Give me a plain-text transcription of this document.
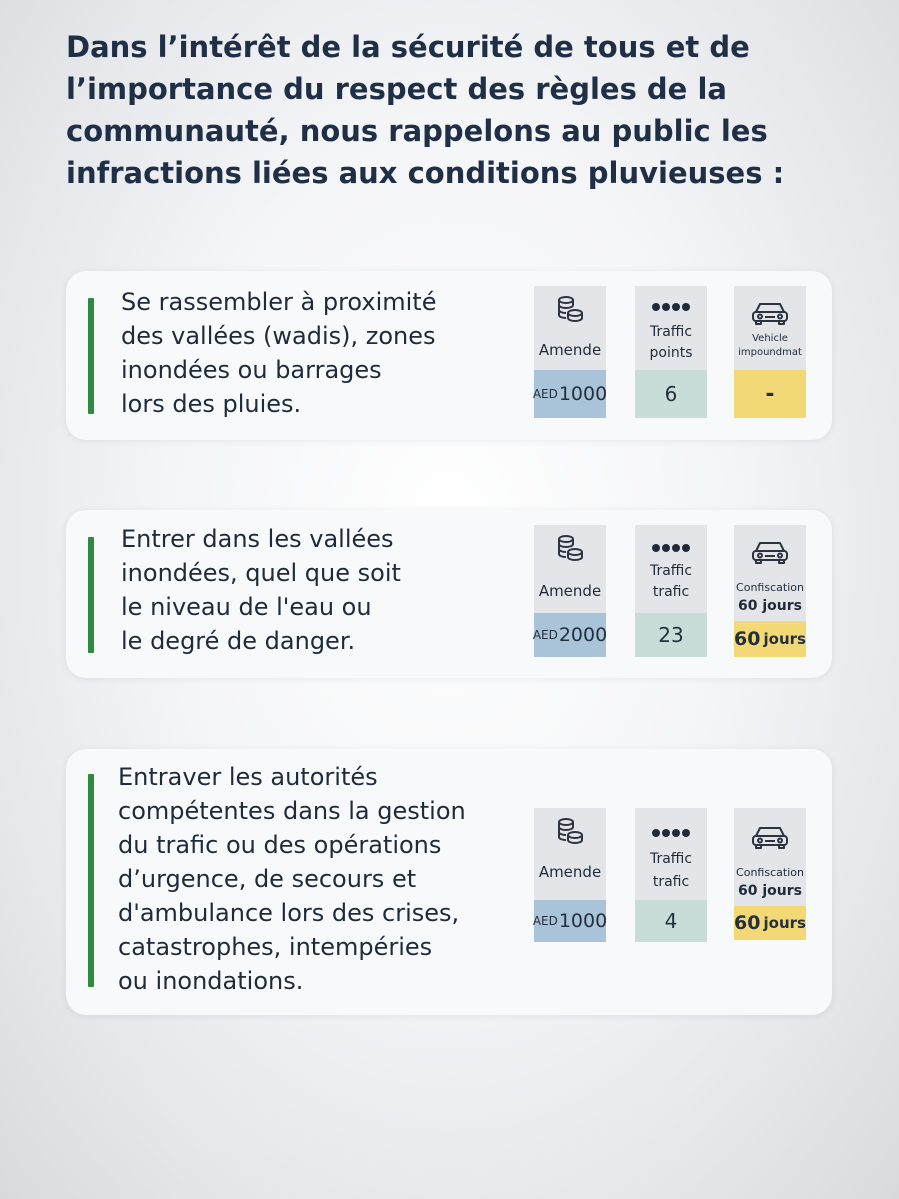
Dans l’intérêt de la sécurité de tous et de
l’importance du respect des règles de la
communauté, nous rappelons au public les
infractions liées aux conditions pluvieuses :
Se rassembler à proximité
des vallées (wadis), zones
inondées ou barrages
lors des pluies.
Amende
AED 1000
Traffic
points
6
Vehicle
impoundmat
-
Entrer dans les vallées
inondées, quel que soit
le niveau de l'eau ou
le degré de danger.
Amende
AED 2000
Traffic
trafic
23
Confiscation
60 jours
60 jours
Entraver les autorités
compétentes dans la gestion
du trafic ou des opérations
d’urgence, de secours et
d'ambulance lors des crises,
catastrophes, intempéries
ou inondations.
Amende
AED 1000
Traffic
trafic
4
Confiscation
60 jours
60 jours
